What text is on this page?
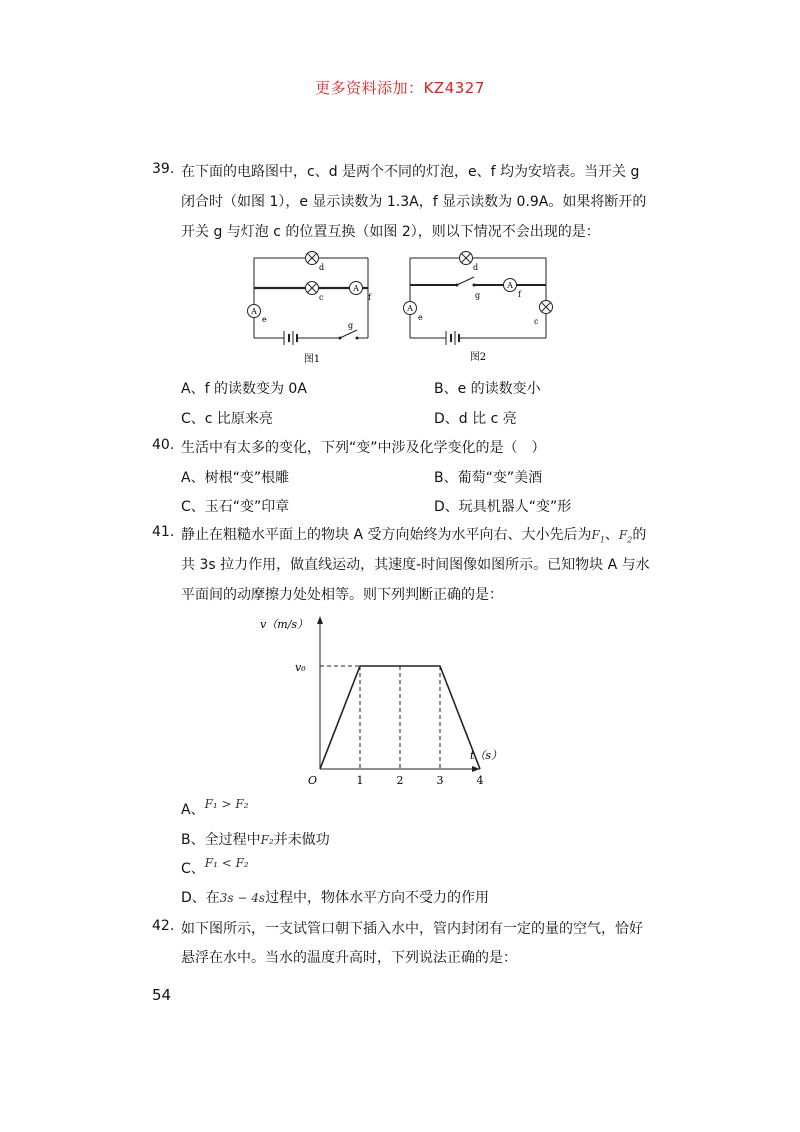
更多资料添加：KZ4327
39. 在下面的电路图中，c、d 是两个不同的灯泡，e、f 均为安培表。当开关 g
闭合时（如图 1），e 显示读数为 1.3A，f 显示读数为 0.9A。如果将断开的
开关 g 与灯泡 c 的位置互换（如图 2），则以下情况不会出现的是：
A
A
d
c	f
e
g
图1
A
A
d
f
c
e
g
图2
A、f 的读数变为 0A	B、e 的读数变小
C、c 比原来亮	D、d 比 c 亮
40. 生活中有太多的变化，下列“变”中涉及化学变化的是（　）
A、树根“变”根雕	B、葡萄“变”美酒
C、玉石“变”印章	D、玩具机器人“变”形
41. 静止在粗糙水平面上的物块 A 受方向始终为水平向右、大小先后为$F_1$、$F_2$的
共 3s 拉力作用，做直线运动，其速度-时间图像如图所示。已知物块 A 与水
平面间的动摩擦力处处相等。则下列判断正确的是：
v（m/s）
t（s）
O
v₀
1	2	3	4
A、F₁ > F₂
B、全过程中F₂并未做功
C、F₁ < F₂
D、在3s − 4s过程中，物体水平方向不受力的作用
42. 如下图所示，一支试管口朝下插入水中，管内封闭有一定的量的空气，恰好
悬浮在水中。当水的温度升高时，下列说法正确的是：
54
